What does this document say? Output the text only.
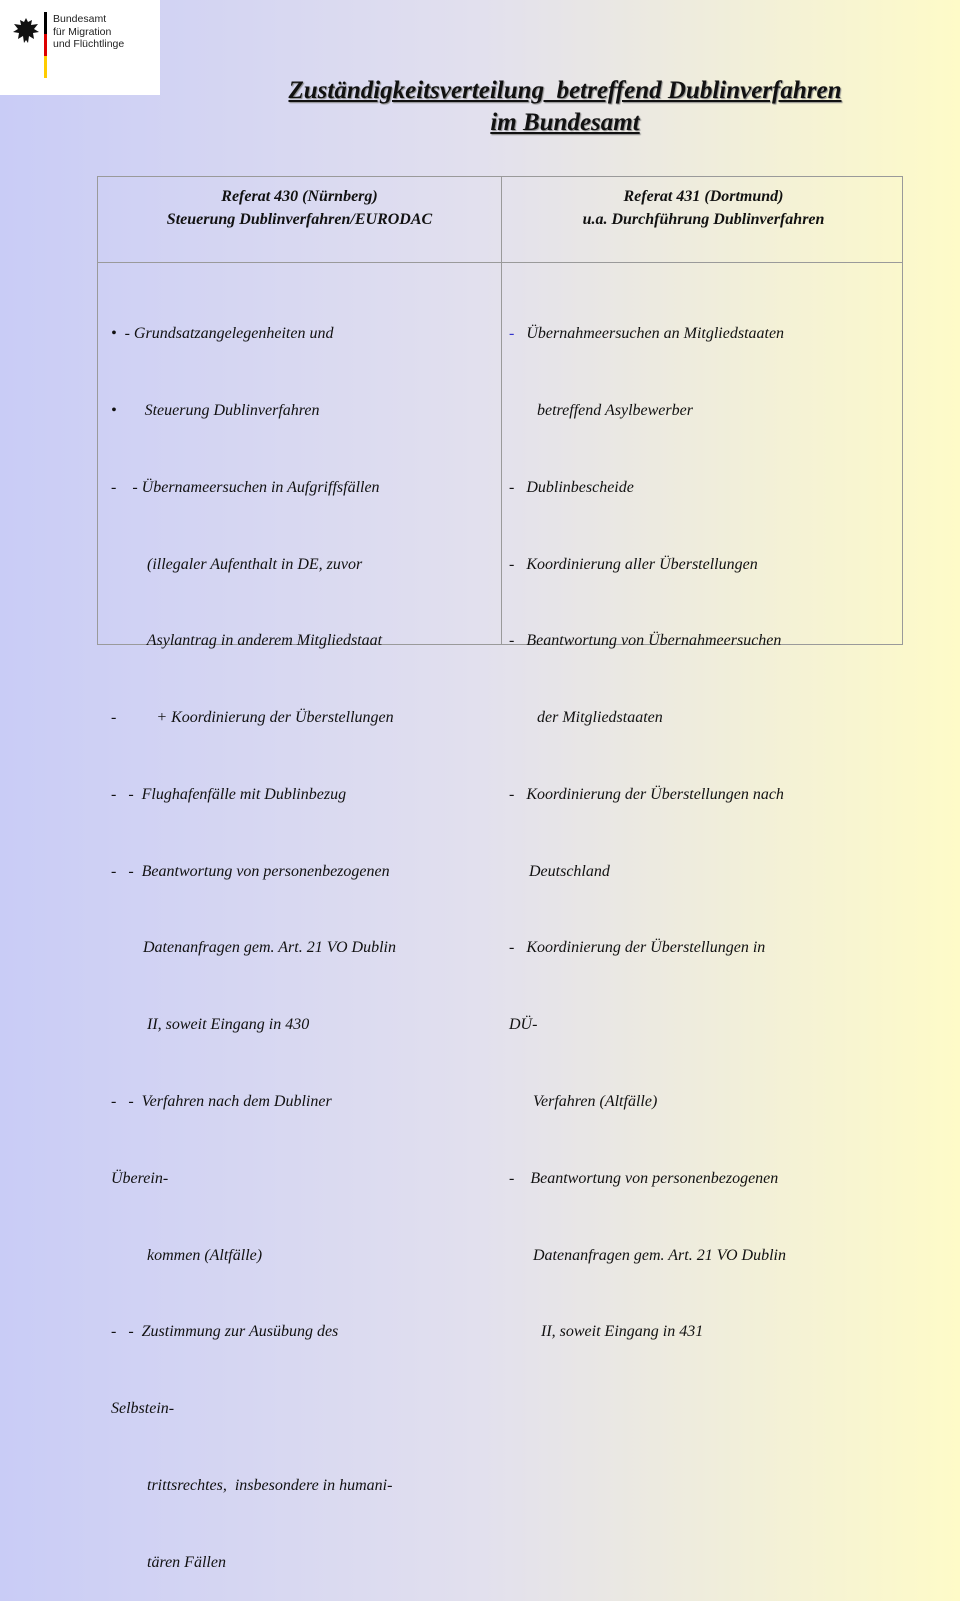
Bundesamt
für Migration
und Flüchtlinge
Zuständigkeitsverteilung  betreffend Dublinverfahren
im Bundesamt
Referat 430 (Nürnberg)
Steuerung Dublinverfahren/EURODAC
Referat 431 (Dortmund)
u.a. Durchführung Dublinverfahren

•  - Grundsatzangelegenheiten und

•       Steuerung Dublinverfahren

-    - Übernameersuchen in Aufgriffsfällen

(illegaler Aufenthalt in DE, zuvor

Asylantrag in anderem Mitgliedstaat

-          + Koordinierung der Überstellungen

-   -  Flughafenfälle mit Dublinbezug

-   -  Beantwortung von personenbezogenen

Datenanfragen gem. Art. 21 VO Dublin

II, soweit Eingang in 430

-   -  Verfahren nach dem Dubliner

Überein-

kommen (Altfälle)

-   -  Zustimmung zur Ausübung des

Selbstein-

trittsrechtes,  insbesondere in humani-

tären Fällen

-   Übernahmeersuchen an Mitgliedstaaten

betreffend Asylbewerber

-   Dublinbescheide

-   Koordinierung aller Überstellungen

-   Beantwortung von Übernahmeersuchen

der Mitgliedstaaten

-   Koordinierung der Überstellungen nach

Deutschland

-   Koordinierung der Überstellungen in

DÜ-

Verfahren (Altfälle)

-    Beantwortung von personenbezogenen

Datenanfragen gem. Art. 21 VO Dublin

II, soweit Eingang in 431
